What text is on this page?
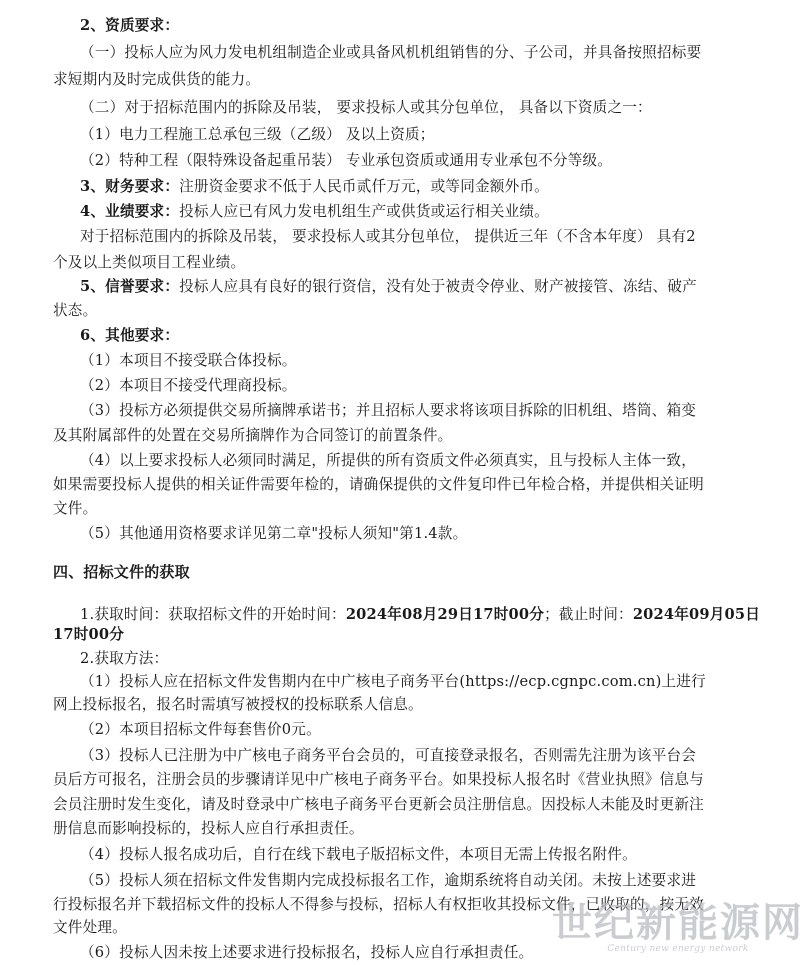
2、资质要求：
（一）投标人应为风力发电机组制造企业或具备风机机组销售的分、子公司，并具备按照招标要
求短期内及时完成供货的能力。
（二）对于招标范围内的拆除及吊装， 要求投标人或其分包单位， 具备以下资质之一：
（1）电力工程施工总承包三级（乙级） 及以上资质；
（2）特种工程（限特殊设备起重吊装） 专业承包资质或通用专业承包不分等级。
3、财务要求：注册资金要求不低于人民币贰仟万元，或等同金额外币。
4、业绩要求：投标人应已有风力发电机组生产或供货或运行相关业绩。
对于招标范围内的拆除及吊装， 要求投标人或其分包单位， 提供近三年（不含本年度） 具有2
个及以上类似项目工程业绩。
5、信誉要求：投标人应具有良好的银行资信，没有处于被责令停业、财产被接管、冻结、破产
状态。
6、其他要求：
（1）本项目不接受联合体投标。
（2）本项目不接受代理商投标。
（3）投标方必须提供交易所摘牌承诺书；并且招标人要求将该项目拆除的旧机组、塔筒、箱变
及其附属部件的处置在交易所摘牌作为合同签订的前置条件。
（4）以上要求投标人必须同时满足，所提供的所有资质文件必须真实，且与投标人主体一致，
如果需要投标人提供的相关证件需要年检的，请确保提供的文件复印件已年检合格，并提供相关证明
文件。
（5）其他通用资格要求详见第二章"投标人须知"第1.4款。
四、招标文件的获取
1.获取时间：获取招标文件的开始时间：2024年08月29日17时00分；截止时间：2024年09月05日
17时00分
2.获取方法：
（1）投标人应在招标文件发售期内在中广核电子商务平台(https://ecp.cgnpc.com.cn)上进行
网上投标报名，报名时需填写被授权的投标联系人信息。
（2）本项目招标文件每套售价0元。
（3）投标人已注册为中广核电子商务平台会员的，可直接登录报名，否则需先注册为该平台会
员后方可报名，注册会员的步骤请详见中广核电子商务平台。如果投标人报名时《营业执照》信息与
会员注册时发生变化，请及时登录中广核电子商务平台更新会员注册信息。因投标人未能及时更新注
册信息而影响投标的，投标人应自行承担责任。
（4）投标人报名成功后，自行在线下载电子版招标文件，本项目无需上传报名附件。
（5）投标人须在招标文件发售期内完成投标报名工作，逾期系统将自动关闭。未按上述要求进
行投标报名并下载招标文件的投标人不得参与投标，招标人有权拒收其投标文件，已收取的，按无效
文件处理。
（6）投标人因未按上述要求进行投标报名，投标人应自行承担责任。
世纪新能源网
Century new energy network
